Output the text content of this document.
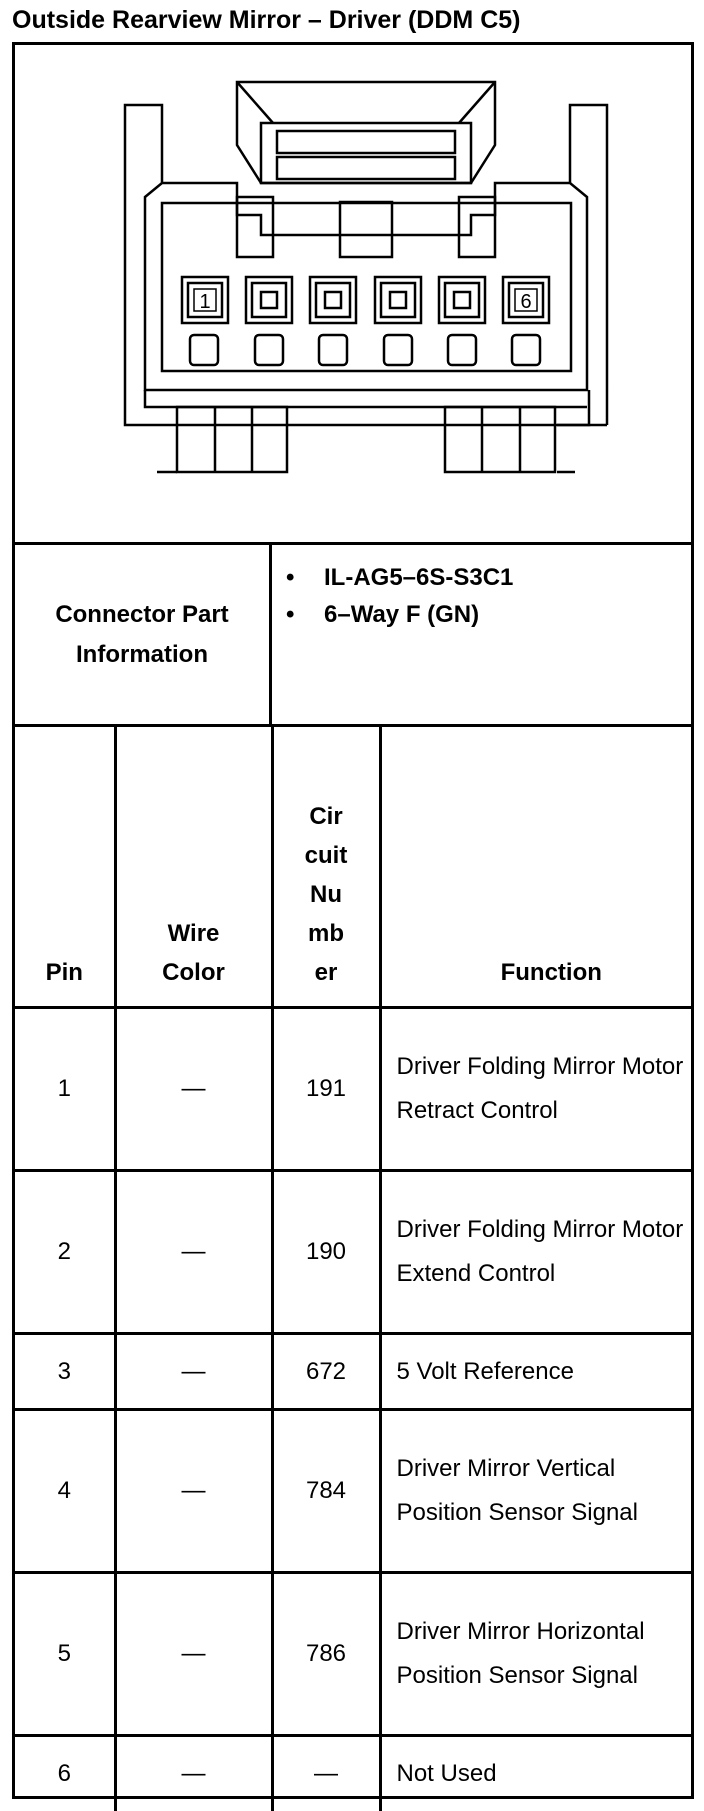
Outside Rearview Mirror – Driver (DDM C5)
1	6
Connector Part Information
• IL-AG5–6S-S3C1
• 6–Way F (GN)
Pin	Wire Color	Cir
cuit
Nu
mb
er	Function
1	—	191	Driver Folding Mirror Motor Retract Control
2	—	190	Driver Folding Mirror Motor Extend Control
3	—	672	5 Volt Reference
4	—	784	Driver Mirror Vertical Position Sensor Signal
5	—	786	Driver Mirror Horizontal Position Sensor Signal
6	—	—	Not Used
